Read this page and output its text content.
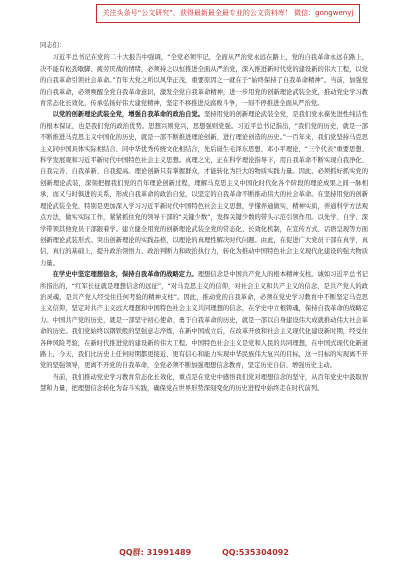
关注头条号“公文研究”，获得最新最全最专业的公文资料库！ 微信：gongwenyj

同志们：

习近平总书记在党的二十大报告中强调，“全党必须牢记，全面从严治党永远在路上，党的自我革命永远在路上，决不能有松劲歇脚、疲劳厌战的情绪，必须持之以恒推进全面从严治党，深入推进新时代党的建设新的伟大工程，以党的自我革命引领社会革命。”百年大党之所以风华正茂，重要原因之一就在于“始终保持了自我革命精神”。当前，加强党的自我革命，必须唤醒全党自我革命意识，激发全党自我革命精神，进一步用党的创新理论武装全党，推动党史学习教育常态化长效化，传承弘扬好伟大建党精神，坚定不移推进反腐败斗争，一刻不停推进全面从严治党。

以党的创新理论武装全党，增强自我革命的政治自觉。坚持用党的创新理论武装全党，是我们党永葆先进性纯洁性的根本保证，也是我们党的政治优势。思想兴则党兴，思想强则党强。习近平总书记指出，“我们党的历史，就是一部不断推进马克思主义中国化的历史，就是一部不断推进理论创新、进行理论创造的历史。”一百年来，我们党坚持马克思主义同中国具体实际相结合、同中华优秀传统文化相结合，先后诞生毛泽东思想、邓小平理论、“三个代表”重要思想、科学发展观和习近平新时代中国特色社会主义思想。真理之光，正在科学理论指导下，用自我革命不断实现自我净化、自我完善、自我革新、自我提高。理论创新只有掌握群众，才能转化为巨大的物质实践力量。因此，必须抓好抓实党的创新理论武装，深刻把握我们党的百年理论创新过程，理解马克思主义中国化时代化各个阶段的理论成果之间一脉相承、而又与时俱进的关系，形成自我革命的政治自觉，以坚定的自我革命不断推动伟大的社会革命。在坚持用党的创新理论武装全党，特别是更加深入学习习近平新时代中国特色社会主义思想，学懂弄通做实，精神实质，弄通科学方法观点方法，做实实际工作，紧紧抓住党的领导干部的“关键少数”，发挥关键少数的带头示范引领作用。以先学、自学、深学带领其他党员干部跟着学。建立健全用党的创新理论武装全党的常态化、长效化机制，在宣传方式、话语呈现等方面创新理论武装形式。突出创新理论的实践品格，以理论的真理性解决时代问题。由此，在促进广大党员干部在真学、真信、真行的基础上，提升政治领悟力、政治判断力和政治执行力，转化为推动中国特色社会主义现代化建设的强大物质力量。

在学史中坚定理想信念，保持自我革命的战略定力。理想信念是中国共产党人的根本精神支柱。诚如习近平总书记所指出的，“红军长征就是理想信念的远征”，“对马克思主义的信仰，对社会主义和共产主义的信念，是共产党人的政治灵魂，是共产党人经受住任何考验的精神支柱”。因此，推动党的自我革命，必须在党史学习教育中不断坚定马克思主义信仰，坚定对共产主义远大理想和中国特色社会主义共同理想的信念，在学史中立根铸魂，保持自我革命的战略定力。中国共产党的历史，就是一部坚守初心使命、勇于自我革命的历史，就是一部以自身建设伟大成就推动伟大社会革命的历史。我们党始终以钢铁般的坚强意志淬炼，在新中国成立后，在改革开放和社会主义现代化建设新时期，经受住各种风险考验，在新时代推进党的建设新的伟大工程。中国特色社会主义是党和人民的共同理想，在中国式现代化新道路上，今天，我们比历史上任何时期都更接近、更有信心和能力实现中华民族伟大复兴的目标，这一目标的实现离不开党的坚强领导，更离不开党的自我革命，全党必须不断加强理想信念教育，坚定历史自信、增强历史主动。

当前，我们推动党史学习教育常态化长效化，重点是在党史中感悟我们党对理想信念的坚守，从百年党史中汲取智慧和力量，把理想信念转化为奋斗实践，确保党在世界形势深刻变化的历史进程中始终走在时代前列。

QQ群: 31991489	QQ:535304092
